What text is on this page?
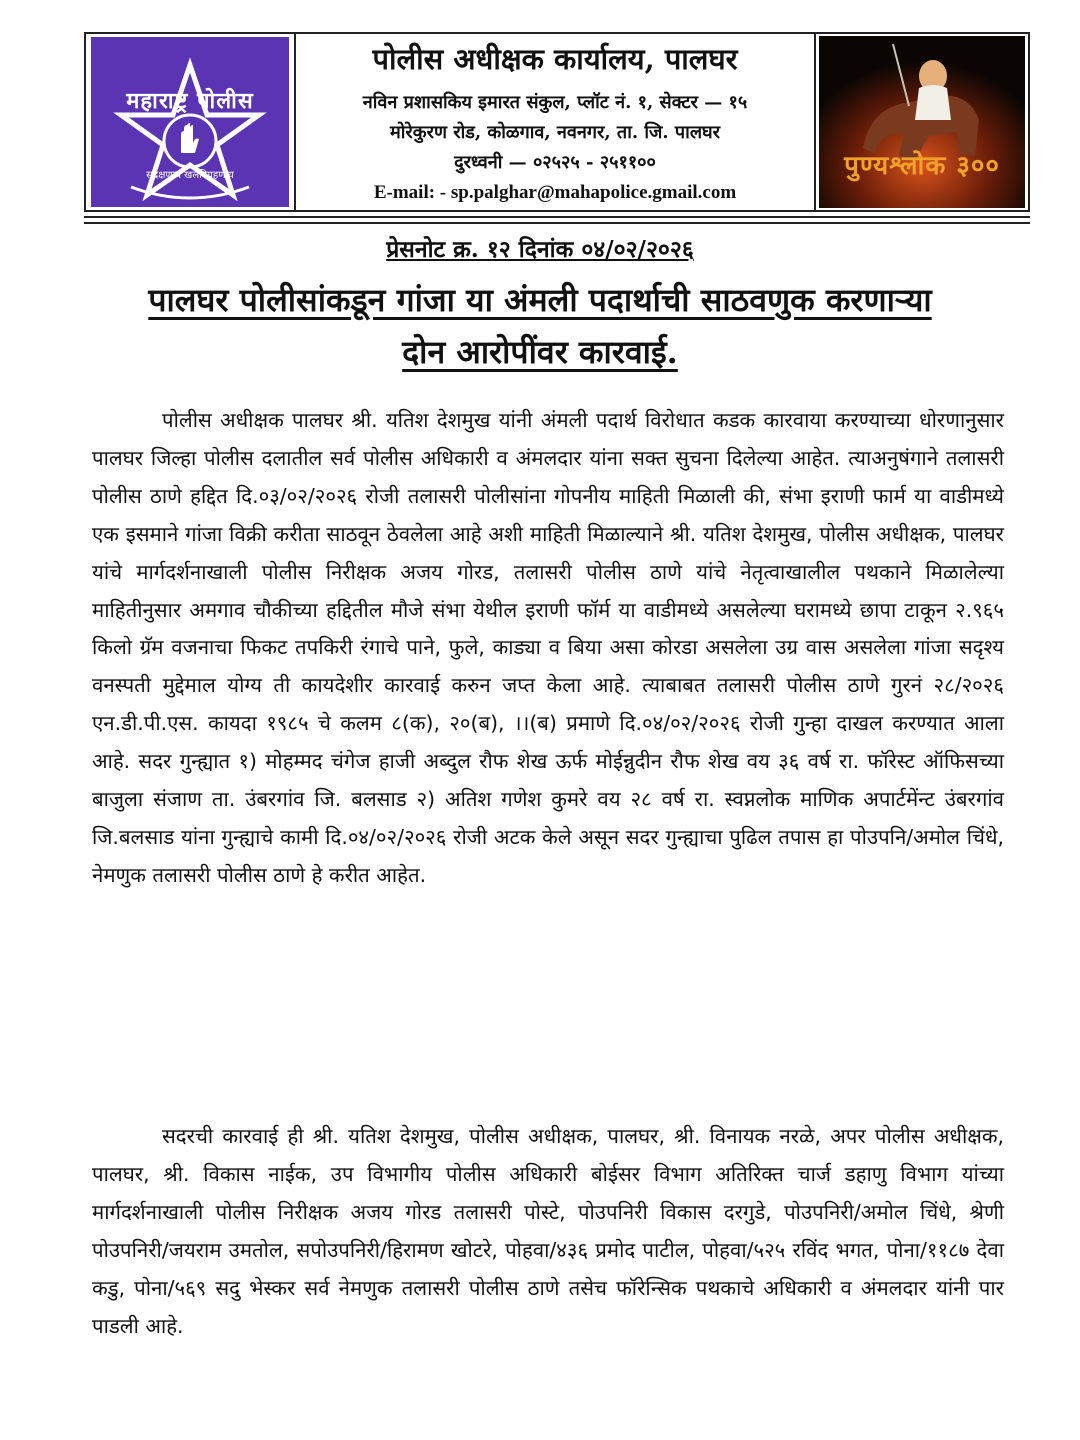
महाराष्ट्र पोलीस
सद्रक्षणाय खलनिग्रहणाय
पोलीस अधीक्षक कार्यालय, पालघर
नविन प्रशासकिय इमारत संकुल, प्लॉट नं. १, सेक्टर — १५
मोरेकुरण रोड, कोळगाव, नवनगर, ता. जि. पालघर
दुरध्वनी — ०२५२५ - २५११००
E-mail: - sp.palghar@mahapolice.gmail.com
पुण्यश्लोक ३००
प्रेसनोट क्र. १२ दिनांक ०४/०२/२०२६
पालघर पोलीसांकडून गांजा या अंमली पदार्थाची साठवणुक करणाऱ्या
दोन आरोपींवर कारवाई.

पोलीस अधीक्षक पालघर श्री. यतिश देशमुख यांनी अंमली पदार्थ विरोधात कडक कारवाया करण्याच्या धोरणानुसार पालघर जिल्हा पोलीस दलातील सर्व पोलीस अधिकारी व अंमलदार यांना सक्त सुचना दिलेल्या आहेत. त्याअनुषंगाने तलासरी पोलीस ठाणे हद्दित दि.०३/०२/२०२६ रोजी तलासरी पोलीसांना गोपनीय माहिती मिळाली की, संभा इराणी फार्म या वाडीमध्ये एक इसमाने गांजा विक्री करीता साठवून ठेवलेला आहे अशी माहिती मिळाल्याने श्री. यतिश देशमुख, पोलीस अधीक्षक, पालघर यांचे मार्गदर्शनाखाली पोलीस निरीक्षक अजय गोरड, तलासरी पोलीस ठाणे यांचे नेतृत्वाखालील पथकाने मिळालेल्या माहितीनुसार अमगाव चौकीच्या हद्दितील मौजे संभा येथील इराणी फॉर्म या वाडीमध्ये असलेल्या घरामध्ये छापा टाकून २.९६५ किलो ग्रॅम वजनाचा फिकट तपकिरी रंगाचे पाने, फुले, काड्या व बिया असा कोरडा असलेला उग्र वास असलेला गांजा सदृश्य वनस्पती मुद्देमाल योग्य ती कायदेशीर कारवाई करुन जप्त केला आहे. त्याबाबत तलासरी पोलीस ठाणे गुरनं २८/२०२६ एन.डी.पी.एस. कायदा १९८५ चे कलम ८(क), २०(ब), ।।(ब) प्रमाणे दि.०४/०२/२०२६ रोजी गुन्हा दाखल करण्यात आला आहे. सदर गुन्ह्यात १) मोहम्मद चंगेज हाजी अब्दुल रौफ शेख ऊर्फ मोईन्नुदीन रौफ शेख वय ३६ वर्ष रा. फॉरेस्ट ऑफिसच्या बाजुला संजाण ता. उंबरगांव जि. बलसाड २) अतिश गणेश कुमरे वय २८ वर्ष रा. स्वप्नलोक माणिक अपार्टमेंन्ट उंबरगांव जि.बलसाड यांना गुन्ह्याचे कामी दि.०४/०२/२०२६ रोजी अटक केले असून सदर गुन्ह्याचा पुढिल तपास हा पोउपनि/अमोल चिंधे, नेमणुक तलासरी पोलीस ठाणे हे करीत आहेत.

सदरची कारवाई ही श्री. यतिश देशमुख, पोलीस अधीक्षक, पालघर, श्री. विनायक नरळे, अपर पोलीस अधीक्षक, पालघर, श्री. विकास नाईक, उप विभागीय पोलीस अधिकारी बोईसर विभाग अतिरिक्त चार्ज डहाणु विभाग यांच्या मार्गदर्शनाखाली पोलीस निरीक्षक अजय गोरड तलासरी पोस्टे, पोउपनिरी विकास दरगुडे, पोउपनिरी/अमोल चिंधे, श्रेणी पोउपनिरी/जयराम उमतोल, सपोउपनिरी/हिरामण खोटरे, पोहवा/४३६ प्रमोद पाटील, पोहवा/५२५ रविंद भगत, पोना/११८७ देवा कडु, पोना/५६९ सदु भेस्कर सर्व नेमणुक तलासरी पोलीस ठाणे तसेच फॉरेन्सिक पथकाचे अधिकारी व अंमलदार यांनी पार पाडली आहे.
